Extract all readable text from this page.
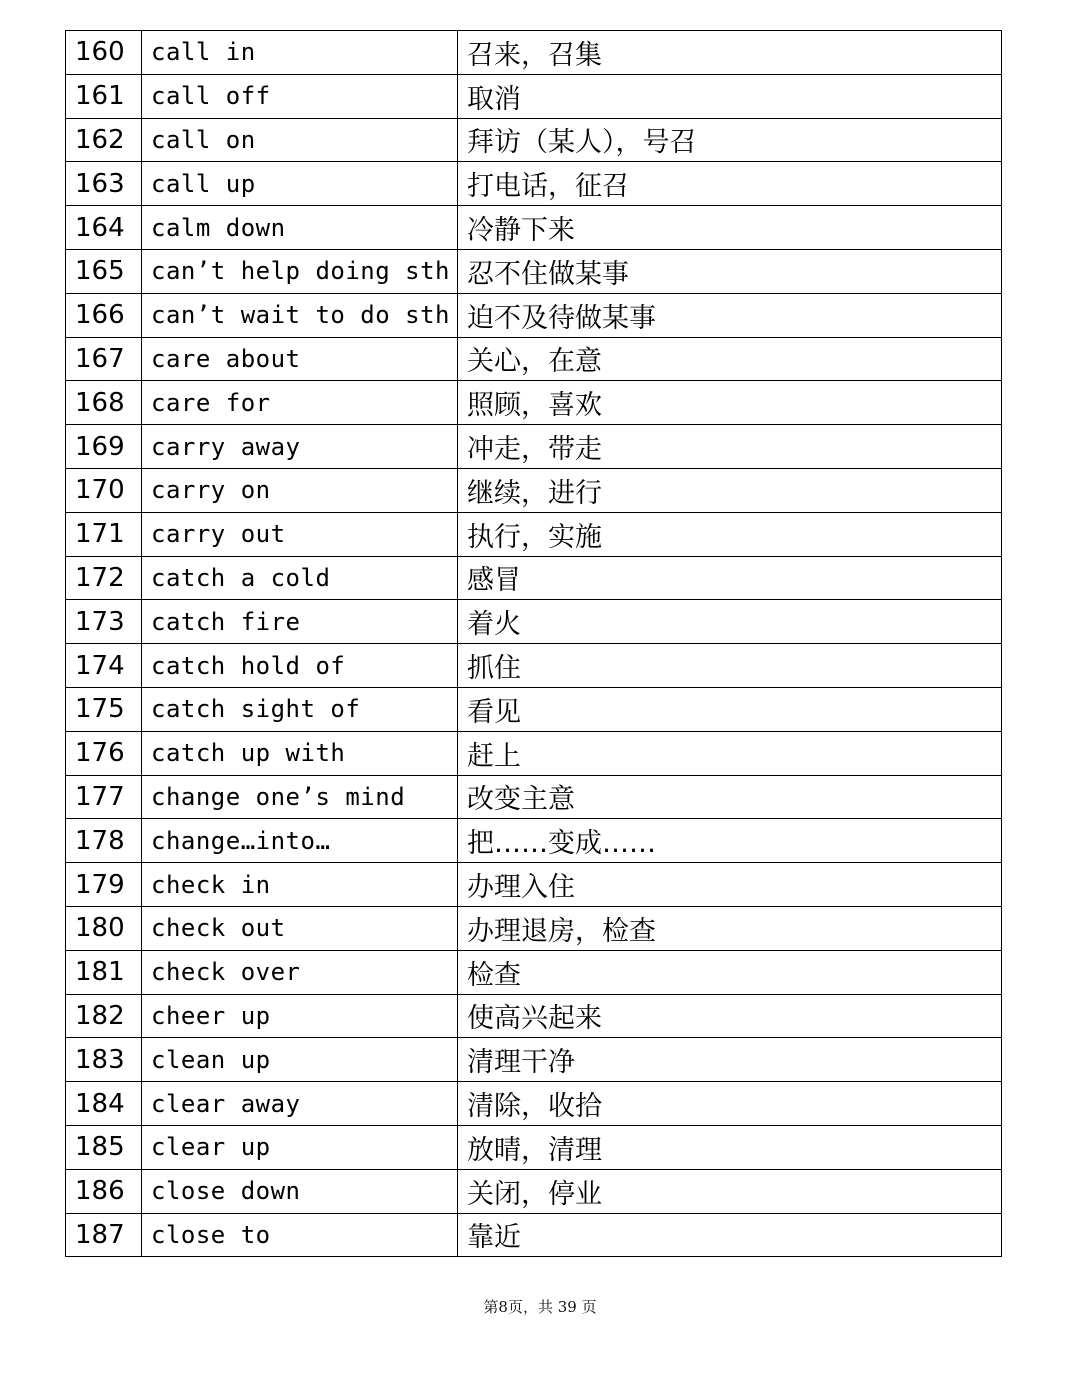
160	call in	召来，召集
161	call off	取消
162	call on	拜访（某人），号召
163	call up	打电话，征召
164	calm down	冷静下来
165	can’t help doing sth	忍不住做某事
166	can’t wait to do sth	迫不及待做某事
167	care about	关心，在意
168	care for	照顾，喜欢
169	carry away	冲走，带走
170	carry on	继续，进行
171	carry out	执行，实施
172	catch a cold	感冒
173	catch fire	着火
174	catch hold of	抓住
175	catch sight of	看见
176	catch up with	赶上
177	change one’s mind	改变主意
178	change…into…	把……变成……
179	check in	办理入住
180	check out	办理退房，检查
181	check over	检查
182	cheer up	使高兴起来
183	clean up	清理干净
184	clear away	清除，收拾
185	clear up	放晴，清理
186	close down	关闭，停业
187	close to	靠近
第8页，共 39 页
